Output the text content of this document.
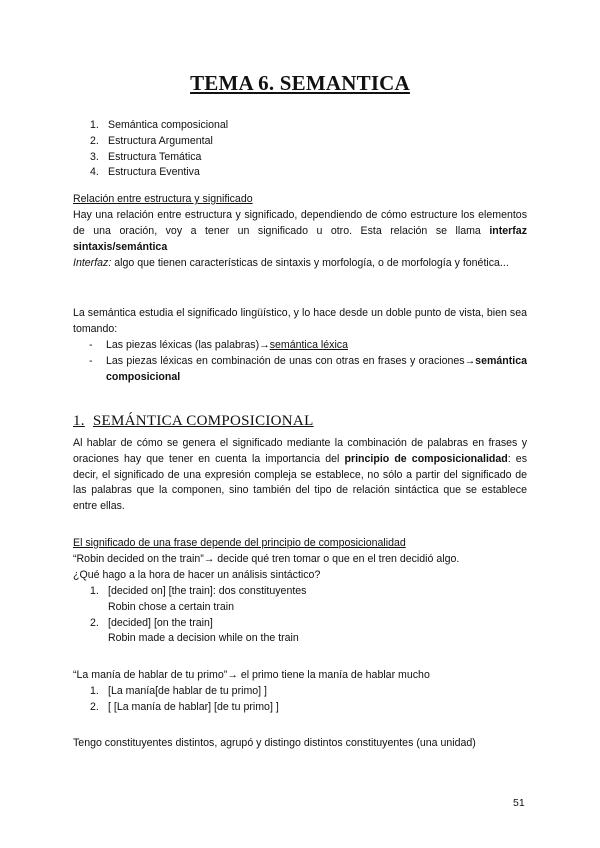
TEMA 6. SEMANTICA
1. Semántica composicional
2. Estructura Argumental
3. Estructura Temática
4. Estructura Eventiva
Relación entre estructura y significado
Hay una relación entre estructura y significado, dependiendo de cómo estructure los elementos de una oración, voy a tener un significado u otro. Esta relación se llama interfaz sintaxis/semántica
Interfaz: algo que tienen características de sintaxis y morfología, o de morfología y fonética...
La semántica estudia el significado lingüístico, y lo hace desde un doble punto de vista, bien sea tomando:
-	Las piezas léxicas (las palabras)→semántica léxica
-	Las piezas léxicas en combinación de unas con otras en frases y oraciones→semántica composicional
1. SEMÁNTICA COMPOSICIONAL
Al hablar de cómo se genera el significado mediante la combinación de palabras en frases y oraciones hay que tener en cuenta la importancia del principio de composicionalidad: es decir, el significado de una expresión compleja se establece, no sólo a partir del significado de las palabras que la componen, sino también del tipo de relación sintáctica que se establece entre ellas.
El significado de una frase depende del principio de composicionalidad
“Robin decided on the train”→ decide qué tren tomar o que en el tren decidió algo.
¿Qué hago a la hora de hacer un análisis sintáctico?
1. [decided on] [the train]: dos constituyentes
Robin chose a certain train
2. [decided] [on the train]
Robin made a decision while on the train
“La manía de hablar de tu primo”→ el primo tiene la manía de hablar mucho
1. [La manía[de hablar de tu primo] ]
2. [ [La manía de hablar] [de tu primo] ]
Tengo constituyentes distintos, agrupó y distingo distintos constituyentes (una unidad)
51
